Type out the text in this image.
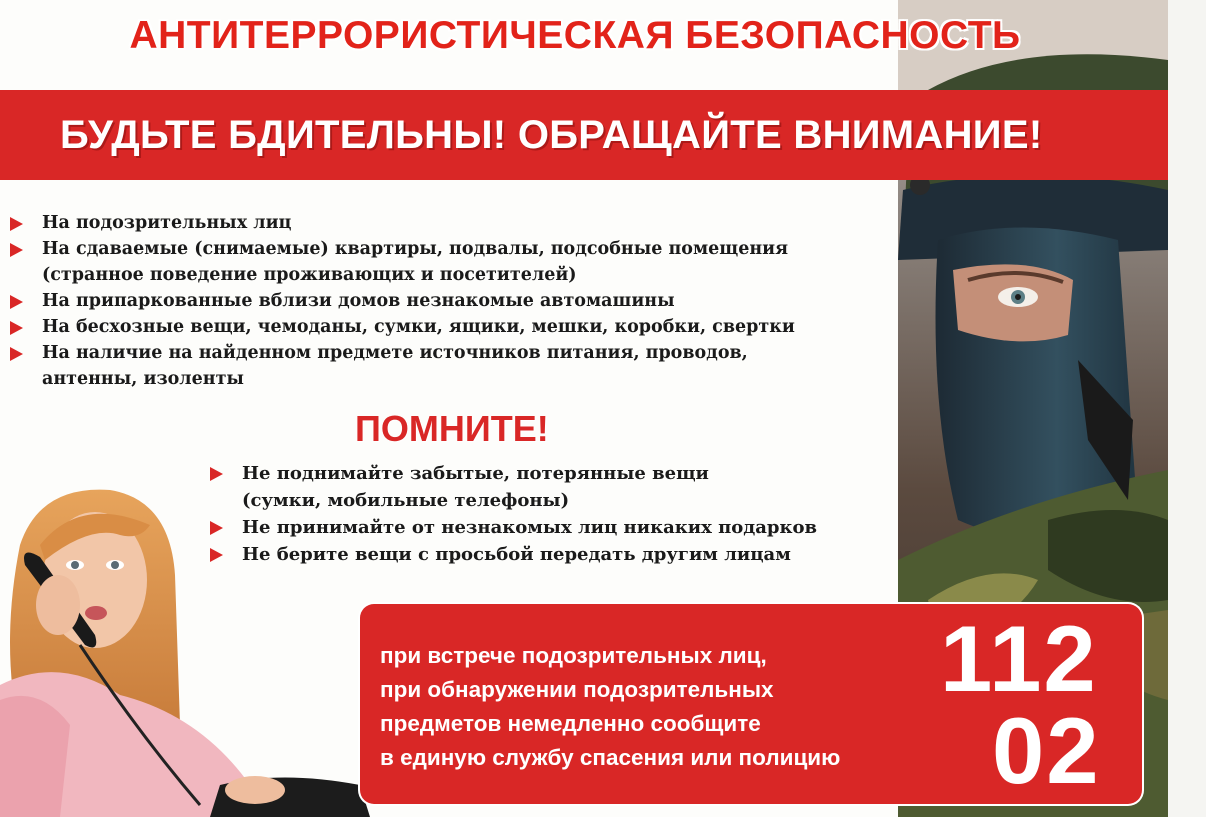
АНТИТЕРРОРИСТИЧЕСКАЯ БЕЗОПАСНОСТЬ
БУДЬТЕ БДИТЕЛЬНЫ! ОБРАЩАЙТЕ ВНИМАНИЕ!
На подозрительных лиц
На сдаваемые (снимаемые) квартиры, подвалы, подсобные помещения
(странное поведение проживающих и посетителей)
На припаркованные вблизи домов незнакомые автомашины
На бесхозные вещи, чемоданы, сумки, ящики, мешки, коробки, свертки
На наличие на найденном предмете источников питания, проводов,
антенны, изоленты
ПОМНИТЕ!
Не поднимайте забытые, потерянные вещи
(сумки, мобильные телефоны)
Не принимайте от незнакомых лиц никаких подарков
Не берите вещи с просьбой передать другим лицам
при встрече подозрительных лиц,
при обнаружении подозрительных
предметов немедленно сообщите
в единую службу спасения или полицию
112
02
